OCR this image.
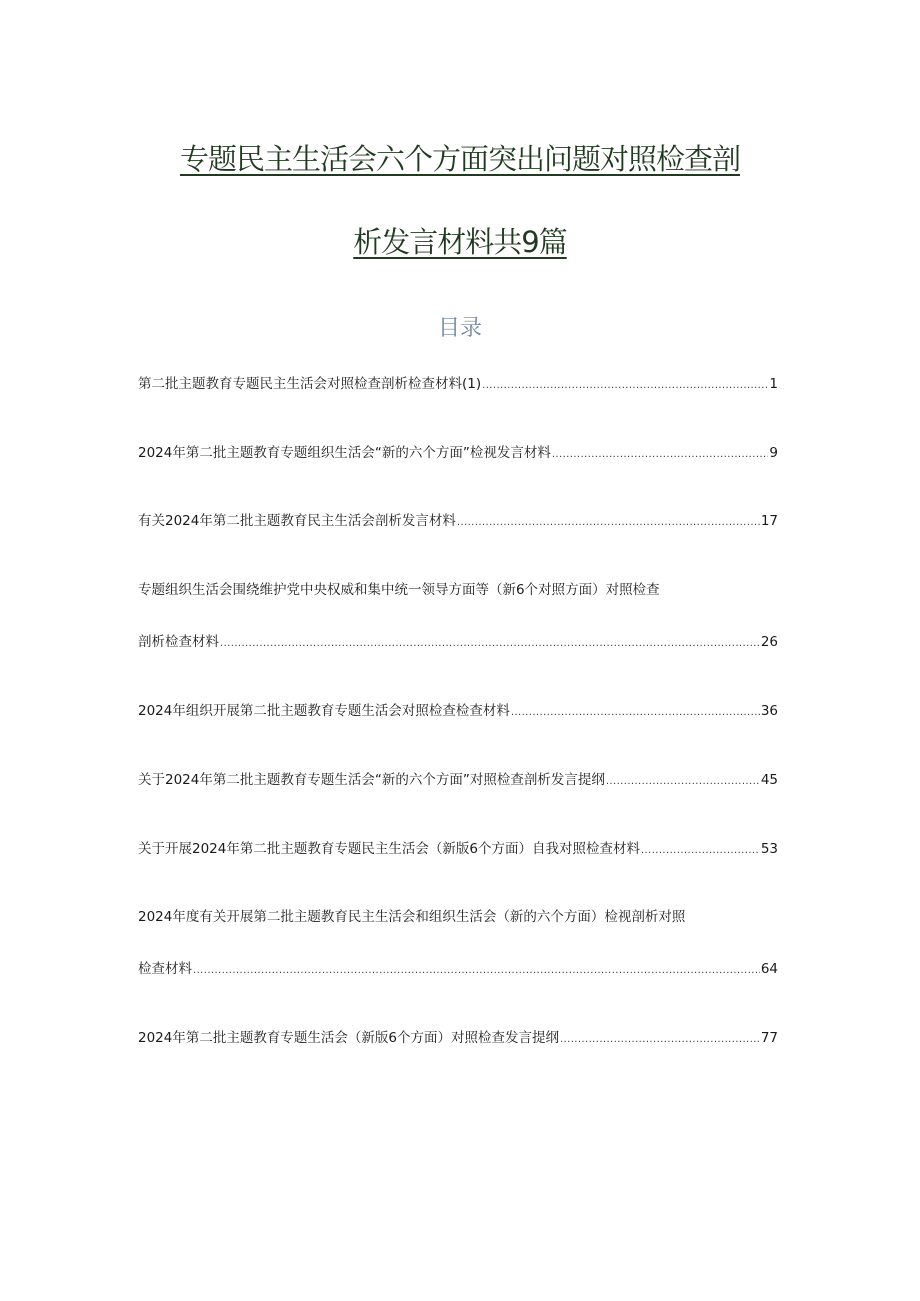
专题民主生活会六个方面突出问题对照检查剖
析发言材料共9篇
目录
第二批主题教育专题民主生活会对照检查剖析检查材料(1) .....	1
2024年第二批主题教育专题组织生活会“新的六个方面”检视发言材料 .....	9
有关2024年第二批主题教育民主生活会剖析发言材料 .....	17
专题组织生活会围绕维护党中央权威和集中统一领导方面等（新6个对照方面）对照检查
剖析检查材料 .....	26
2024年组织开展第二批主题教育专题生活会对照检查检查材料 .....	36
关于2024年第二批主题教育专题生活会“新的六个方面”对照检查剖析发言提纲 .....	45
关于开展2024年第二批主题教育专题民主生活会（新版6个方面）自我对照检查材料 .....	53
2024年度有关开展第二批主题教育民主生活会和组织生活会（新的六个方面）检视剖析对照
检查材料 .....	64
2024年第二批主题教育专题生活会（新版6个方面）对照检查发言提纲 .....	77
